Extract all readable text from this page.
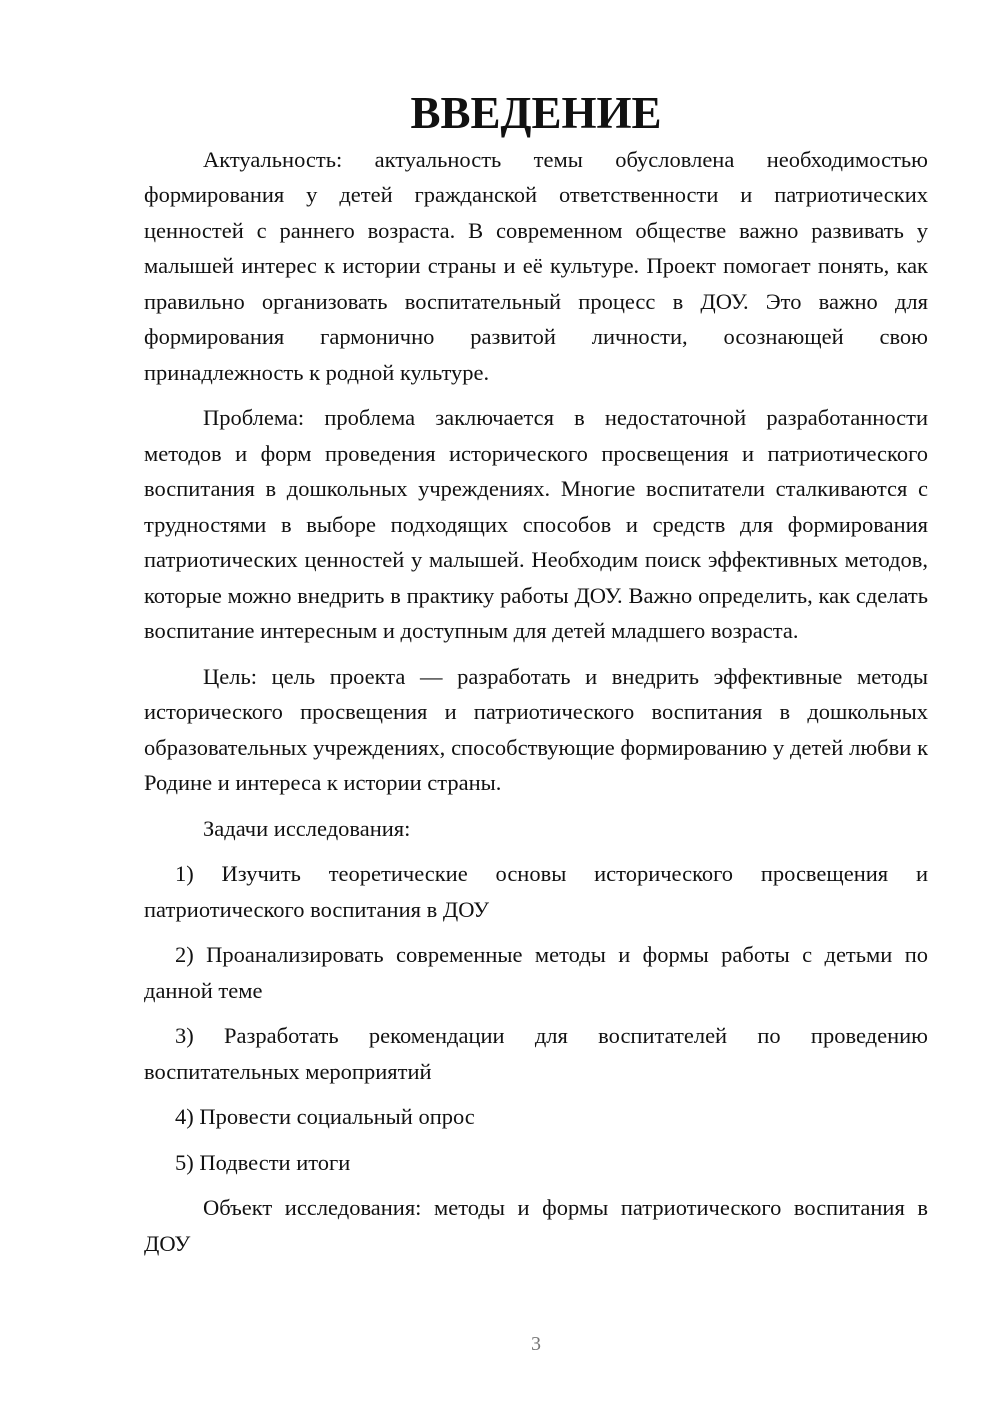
ВВЕДЕНИЕ

Актуальность: актуальность темы обусловлена необходимостью формирования у детей гражданской ответственности и патриотических ценностей с раннего возраста. В современном обществе важно развивать у малышей интерес к истории страны и её культуре. Проект помогает понять, как правильно организовать воспитательный процесс в ДОУ. Это важно для формирования гармонично развитой личности, осознающей свою принадлежность к родной культуре.

Проблема: проблема заключается в недостаточной разработанности методов и форм проведения исторического просвещения и патриотического воспитания в дошкольных учреждениях. Многие воспитатели сталкиваются с трудностями в выборе подходящих способов и средств для формирования патриотических ценностей у малышей. Необходим поиск эффективных методов, которые можно внедрить в практику работы ДОУ. Важно определить, как сделать воспитание интересным и доступным для детей младшего возраста.

Цель: цель проекта — разработать и внедрить эффективные методы исторического просвещения и патриотического воспитания в дошкольных образовательных учреждениях, способствующие формированию у детей любви к Родине и интереса к истории страны.

Задачи исследования:

1) Изучить теоретические основы исторического просвещения и патриотического воспитания в ДОУ

2) Проанализировать современные методы и формы работы с детьми по данной теме

3) Разработать рекомендации для воспитателей по проведению воспитательных мероприятий

4) Провести социальный опрос

5) Подвести итоги

Объект исследования: методы и формы патриотического воспитания в ДОУ

3
